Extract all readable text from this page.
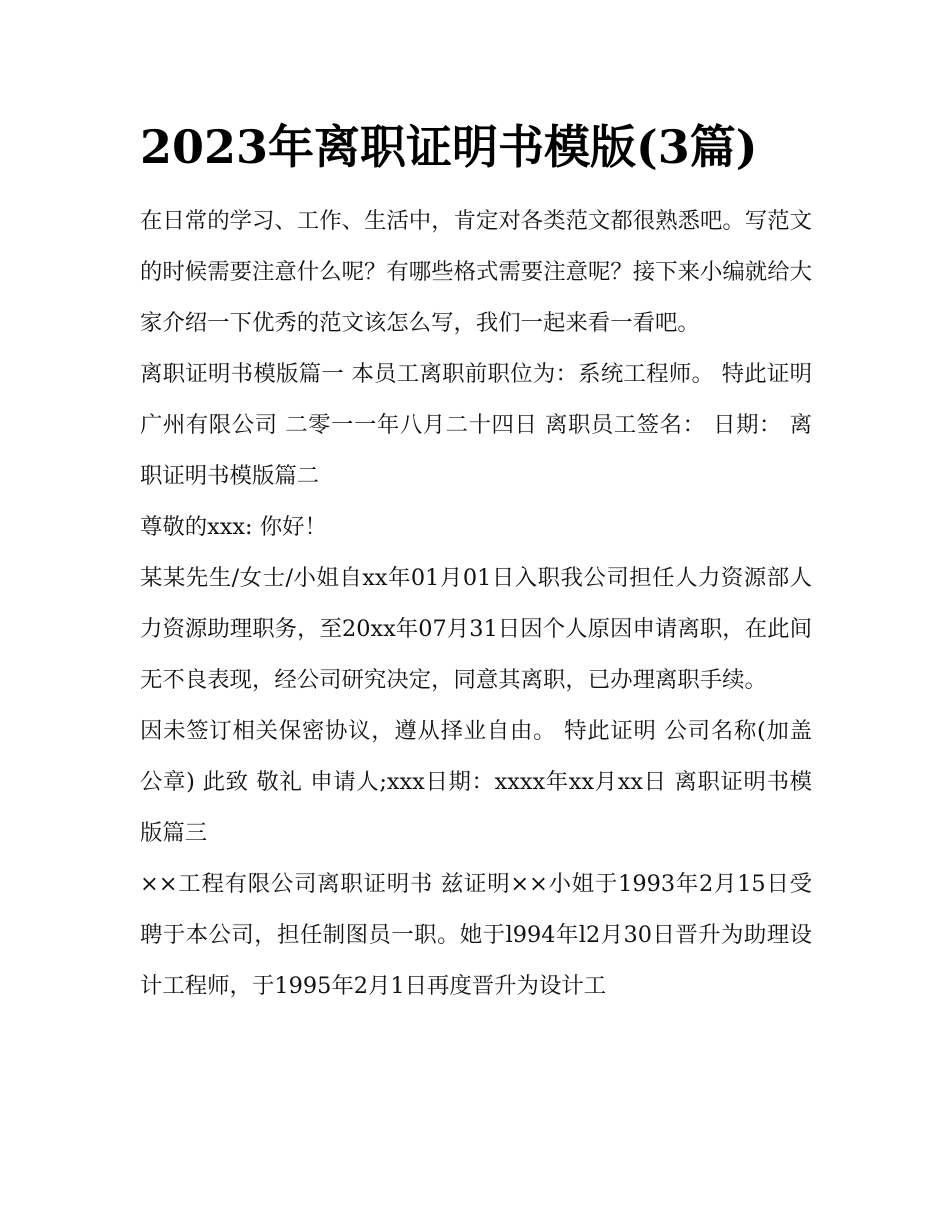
2023年离职证明书模版(3篇)

在日常的学习、工作、生活中，肯定对各类范文都很熟悉吧。写范文的时候需要注意什么呢？有哪些格式需要注意呢？接下来小编就给大家介绍一下优秀的范文该怎么写，我们一起来看一看吧。

离职证明书模版篇一 本员工离职前职位为：系统工程师。 特此证明 广州有限公司 二零一一年八月二十四日 离职员工签名： 日期： 离职证明书模版篇二

尊敬的xxx: 你好！

某某先生/女士/小姐自xx年01月01日入职我公司担任人力资源部人力资源助理职务，至20xx年07月31日因个人原因申请离职，在此间无不良表现，经公司研究决定，同意其离职，已办理离职手续。

因未签订相关保密协议，遵从择业自由。 特此证明 公司名称(加盖公章) 此致 敬礼 申请人;xxx日期：xxxx年xx月xx日 离职证明书模版篇三

××工程有限公司离职证明书 兹证明××小姐于1993年2月15日受聘于本公司，担任制图员一职。她于l994年l2月30日晋升为助理设计工程师，于1995年2月1日再度晋升为设计工
